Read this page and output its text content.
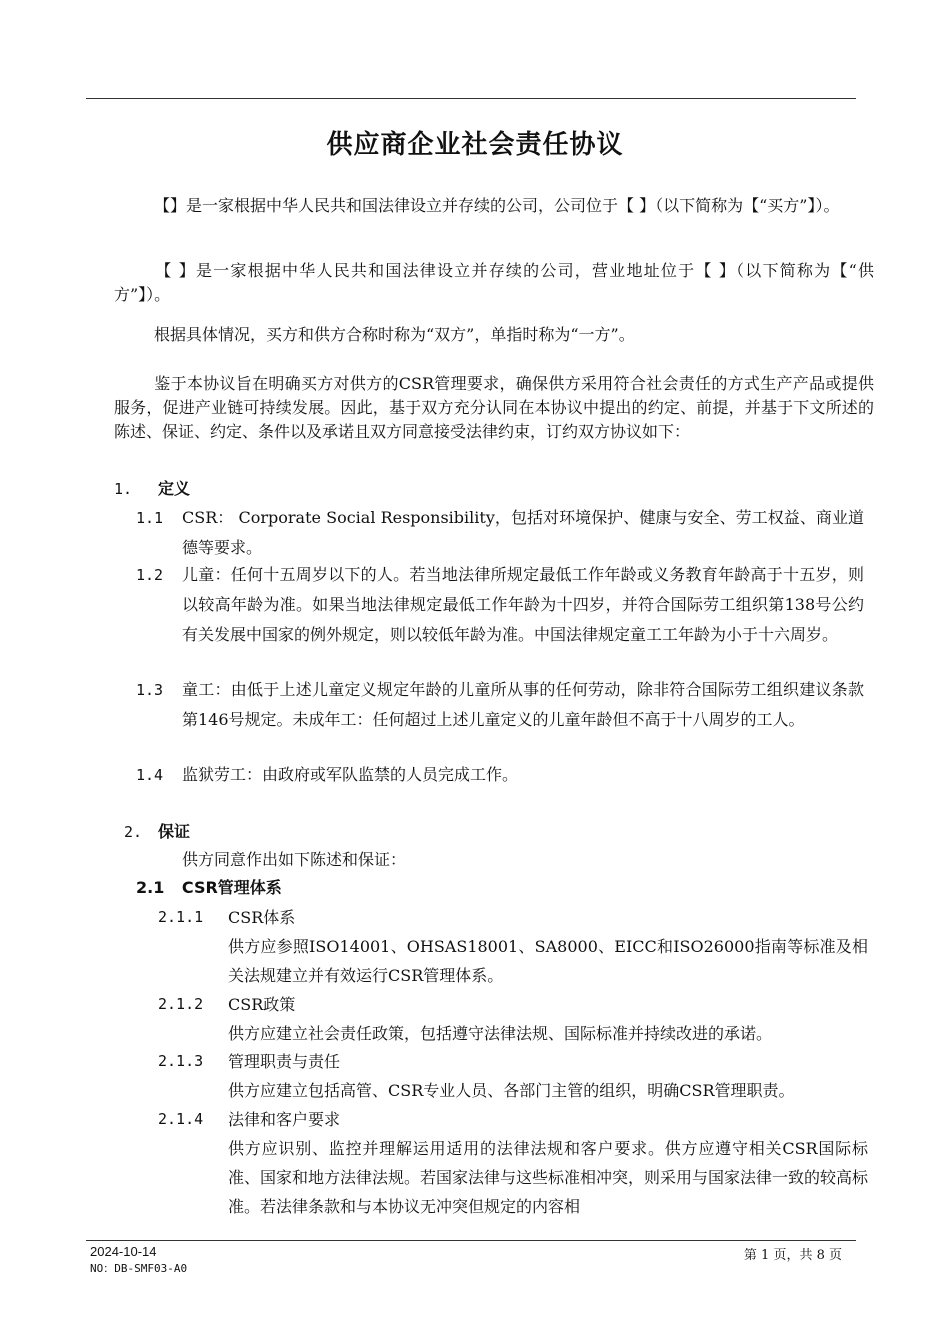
供应商企业社会责任协议
【】是一家根据中华人民共和国法律设立并存续的公司，公司位于【 】（以下简称为【“买方”】）。
【 】是一家根据中华人民共和国法律设立并存续的公司，营业地址位于【 】（以下简称为【“供方”】）。
根据具体情况，买方和供方合称时称为“双方”，单指时称为“一方”。
鉴于本协议旨在明确买方对供方的CSR管理要求，确保供方采用符合社会责任的方式生产产品或提供服务，促进产业链可持续发展。因此，基于双方充分认同在本协议中提出的约定、前提，并基于下文所述的陈述、保证、约定、条件以及承诺且双方同意接受法律约束，订约双方协议如下：
1.	定义
1.1 CSR： Corporate Social Responsibility，包括对环境保护、健康与安全、劳工权益、商业道德等要求。
1.2 儿童：任何十五周岁以下的人。若当地法律所规定最低工作年龄或义务教育年龄高于十五岁，则以较高年龄为准。如果当地法律规定最低工作年龄为十四岁，并符合国际劳工组织第138号公约有关发展中国家的例外规定，则以较低年龄为准。中国法律规定童工工年龄为小于十六周岁。
1.3 童工：由低于上述儿童定义规定年龄的儿童所从事的任何劳动，除非符合国际劳工组织建议条款第146号规定。未成年工：任何超过上述儿童定义的儿童年龄但不高于十八周岁的工人。
1.4 监狱劳工：由政府或军队监禁的人员完成工作。
2. 保证
供方同意作出如下陈述和保证：
2.1 CSR管理体系
2.1.1 CSR体系
供方应参照ISO14001、OHSAS18001、SA8000、EICC和ISO26000指南等标准及相关法规建立并有效运行CSR管理体系。
2.1.2 CSR政策
供方应建立社会责任政策，包括遵守法律法规、国际标准并持续改进的承诺。
2.1.3 管理职责与责任
供方应建立包括高管、CSR专业人员、各部门主管的组织，明确CSR管理职责。
2.1.4 法律和客户要求
供方应识别、监控并理解运用适用的法律法规和客户要求。供方应遵守相关CSR国际标准、国家和地方法律法规。若国家法律与这些标准相冲突，则采用与国家法律一致的较高标准。若法律条款和与本协议无冲突但规定的内容相
2024-10-14
NO：DB-SMF03-A0
第 1 页，共 8 页
